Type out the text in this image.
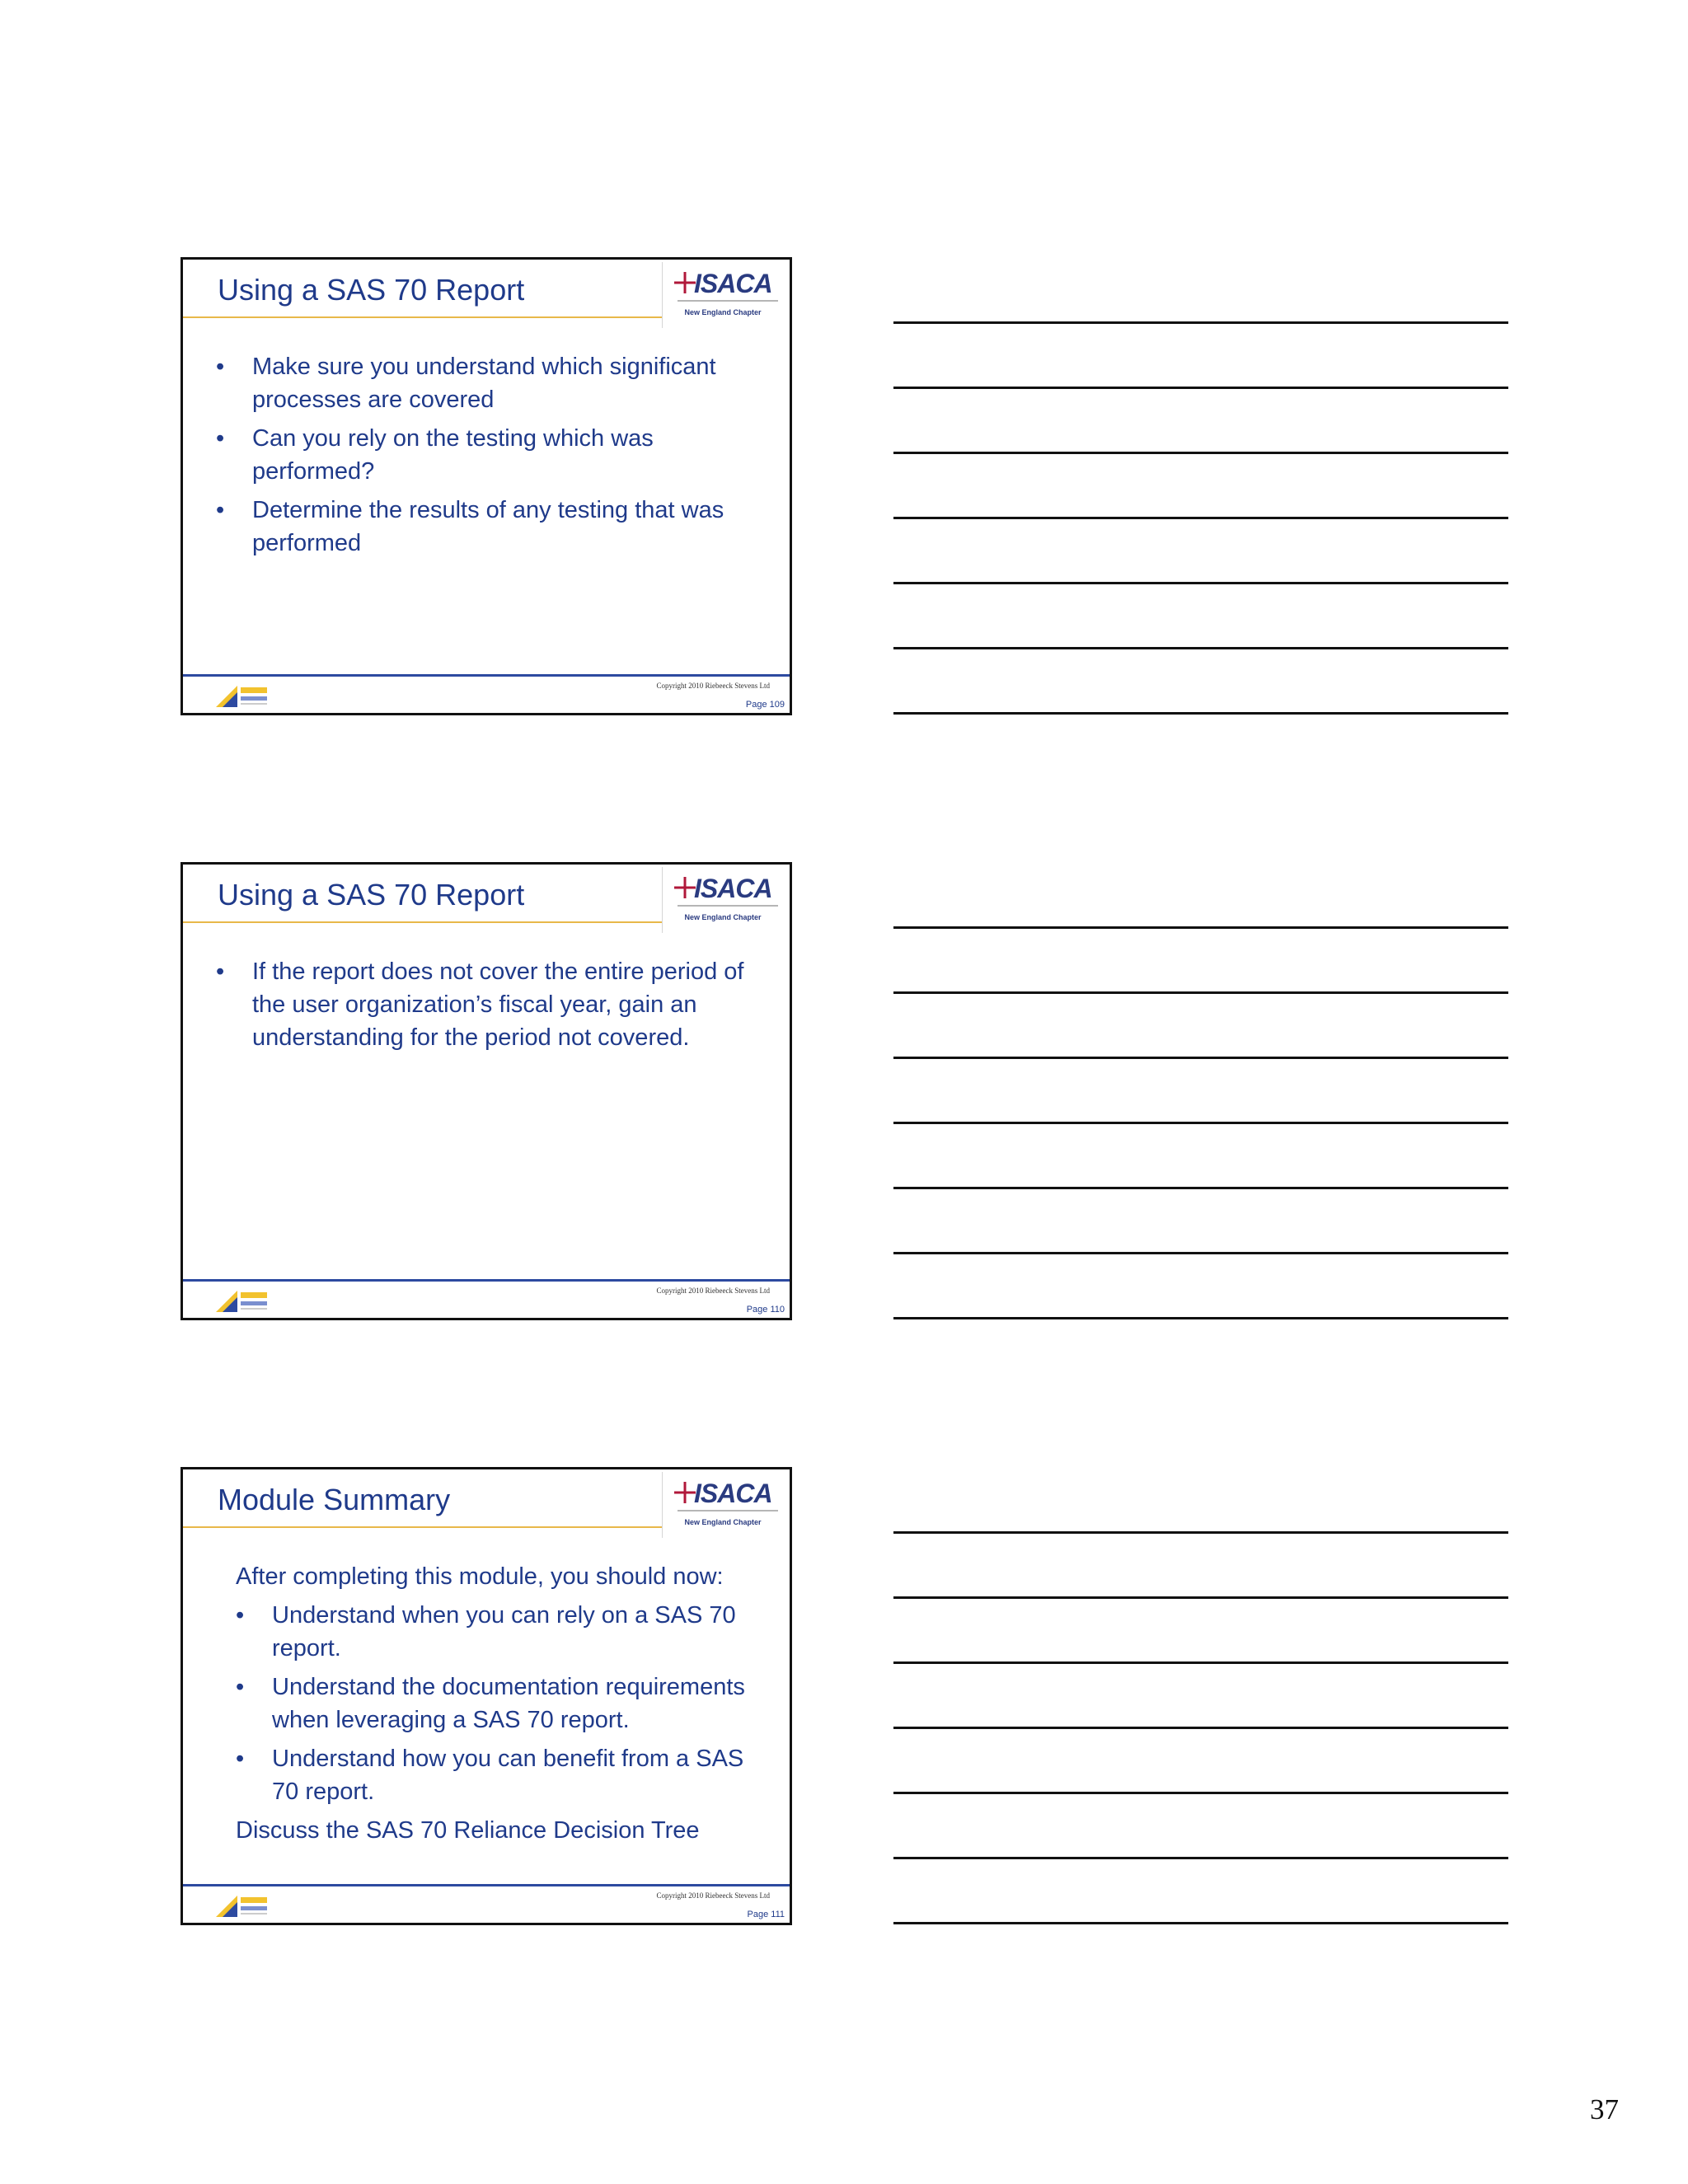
Using a SAS 70 Report	ISACA
New England Chapter
• Make sure you understand which significant processes are covered
• Can you rely on the testing which was performed?
• Determine the results of any testing that was performed
Copyright 2010 Riebeeck Stevens Ltd
Page 109
Using a SAS 70 Report	ISACA
New England Chapter
• If the report does not cover the entire period of the user organization’s fiscal year, gain an understanding for the period not covered.
Copyright 2010 Riebeeck Stevens Ltd
Page 110
Module Summary	ISACA
New England Chapter
After completing this module, you should now:
• Understand when you can rely on a SAS 70 report.
• Understand the documentation requirements when leveraging a SAS 70 report.
• Understand how you can benefit from a SAS 70 report.
Discuss the SAS 70 Reliance Decision Tree
Copyright 2010 Riebeeck Stevens Ltd
Page 111
37
